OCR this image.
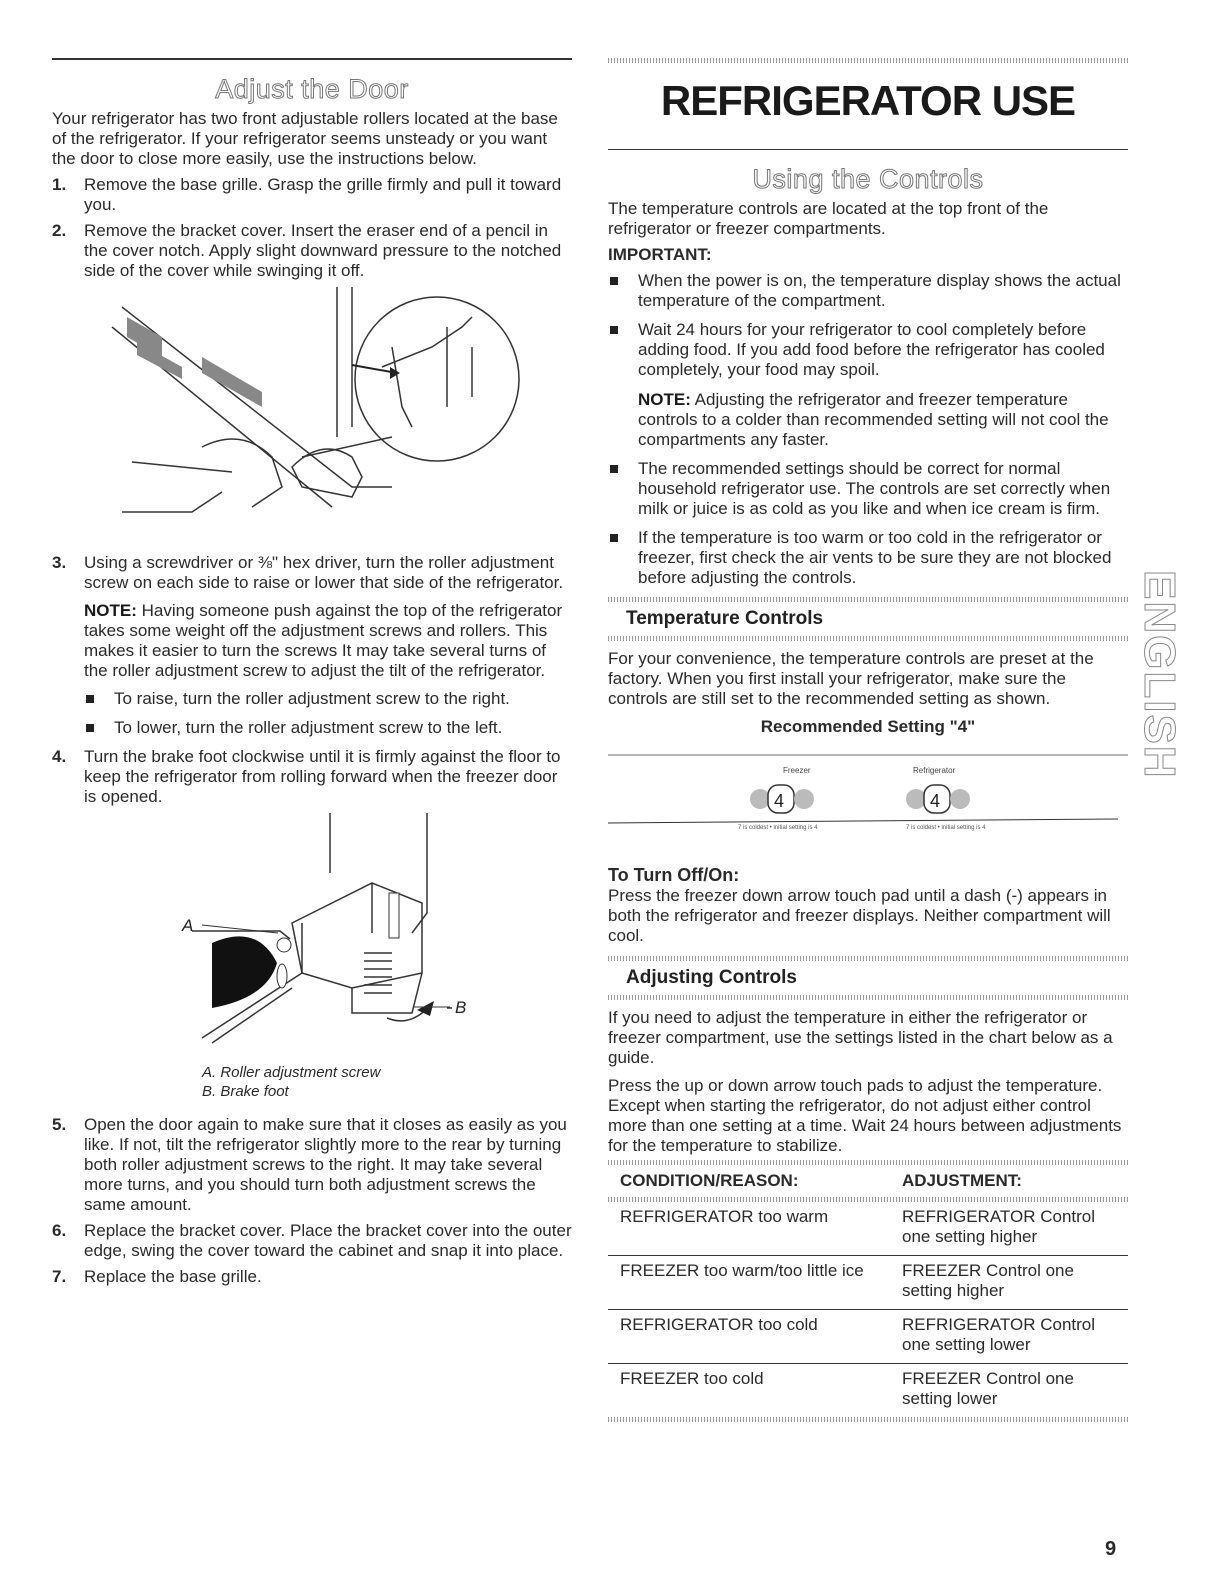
Adjust the Door

Your refrigerator has two front adjustable rollers located at the base of the refrigerator. If your refrigerator seems unsteady or you want the door to close more easily, use the instructions below.

1. Remove the base grille. Grasp the grille firmly and pull it toward you.
2. Remove the bracket cover. Insert the eraser end of a pencil in the cover notch. Apply slight downward pressure to the notched side of the cover while swinging it off.
3. Using a screwdriver or ⅜" hex driver, turn the roller adjustment screw on each side to raise or lower that side of the refrigerator.

NOTE: Having someone push against the top of the refrigerator takes some weight off the adjustment screws and rollers. This makes it easier to turn the screws It may take several turns of the roller adjustment screw to adjust the tilt of the refrigerator.

To raise, turn the roller adjustment screw to the right.
To lower, turn the roller adjustment screw to the left.
4. Turn the brake foot clockwise until it is firmly against the floor to keep the refrigerator from rolling forward when the freezer door is opened.
A
B
A. Roller adjustment screw
B. Brake foot
5. Open the door again to make sure that it closes as easily as you like. If not, tilt the refrigerator slightly more to the rear by turning both roller adjustment screws to the right. It may take several more turns, and you should turn both adjustment screws the same amount.
6. Replace the bracket cover. Place the bracket cover into the outer edge, swing the cover toward the cabinet and snap it into place.
7. Replace the base grille.
REFRIGERATOR USE
Using the Controls

The temperature controls are located at the top front of the refrigerator or freezer compartments.

IMPORTANT:
When the power is on, the temperature display shows the actual temperature of the compartment.
Wait 24 hours for your refrigerator to cool completely before adding food. If you add food before the refrigerator has cooled completely, your food may spoil.

NOTE: Adjusting the refrigerator and freezer temperature controls to a colder than recommended setting will not cool the compartments any faster.

The recommended settings should be correct for normal household refrigerator use. The controls are set correctly when milk or juice is as cold as you like and when ice cream is firm.
If the temperature is too warm or too cold in the refrigerator or freezer, first check the air vents to be sure they are not blocked before adjusting the controls.
Temperature Controls

For your convenience, the temperature controls are preset at the factory. When you first install your refrigerator, make sure the controls are still set to the recommended setting as shown.

Recommended Setting "4"
Freezer	Refrigerator
4	4
7 is coldest • initial setting is 4	7 is coldest • initial setting is 4
To Turn Off/On:

Press the freezer down arrow touch pad until a dash (-) appears in both the refrigerator and freezer displays. Neither compartment will cool.

Adjusting Controls

If you need to adjust the temperature in either the refrigerator or freezer compartment, use the settings listed in the chart below as a guide.

Press the up or down arrow touch pads to adjust the temperature. Except when starting the refrigerator, do not adjust either control more than one setting at a time. Wait 24 hours between adjustments for the temperature to stabilize.

CONDITION/REASON:	ADJUSTMENT:

REFRIGERATOR too warm	REFRIGERATOR Control one setting higher
FREEZER too warm/too little ice	FREEZER Control one setting higher
REFRIGERATOR too cold	REFRIGERATOR Control one setting lower
FREEZER too cold	FREEZER Control one setting lower
ENGLISH
9
